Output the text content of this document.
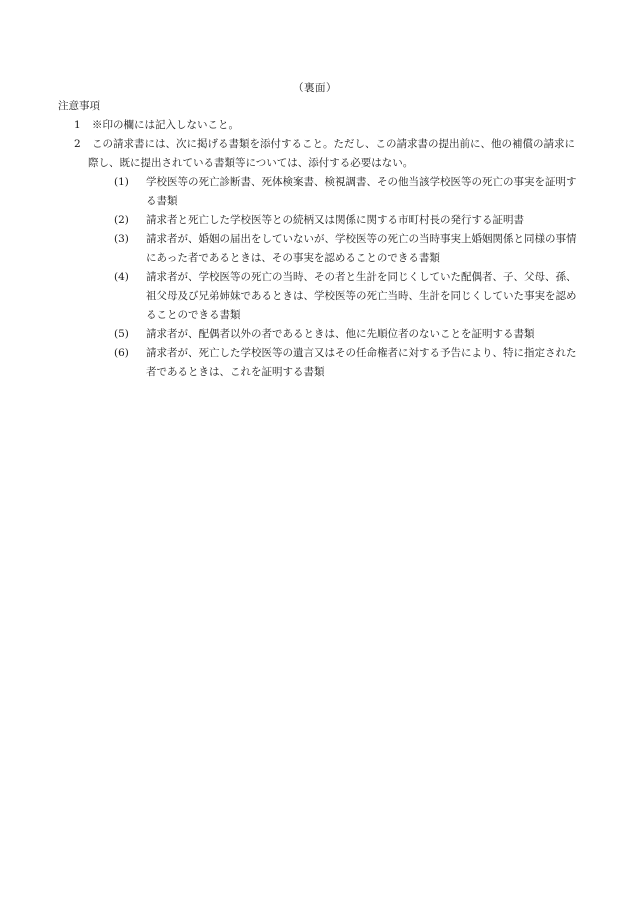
（裏面）
注意事項
1 ※印の欄には記入しないこと。
2 この請求書には、次に掲げる書類を添付すること。ただし、この請求書の提出前に、他の補償の請求に際し、既に提出されている書類等については、添付する必要はない。
(1) 学校医等の死亡診断書、死体検案書、検視調書、その他当該学校医等の死亡の事実を証明する書類
(2) 請求者と死亡した学校医等との続柄又は関係に関する市町村長の発行する証明書
(3) 請求者が、婚姻の届出をしていないが、学校医等の死亡の当時事実上婚姻関係と同様の事情にあった者であるときは、その事実を認めることのできる書類
(4) 請求者が、学校医等の死亡の当時、その者と生計を同じくしていた配偶者、子、父母、孫、祖父母及び兄弟姉妹であるときは、学校医等の死亡当時、生計を同じくしていた事実を認めることのできる書類
(5) 請求者が、配偶者以外の者であるときは、他に先順位者のないことを証明する書類
(6) 請求者が、死亡した学校医等の遺言又はその任命権者に対する予告により、特に指定された者であるときは、これを証明する書類
